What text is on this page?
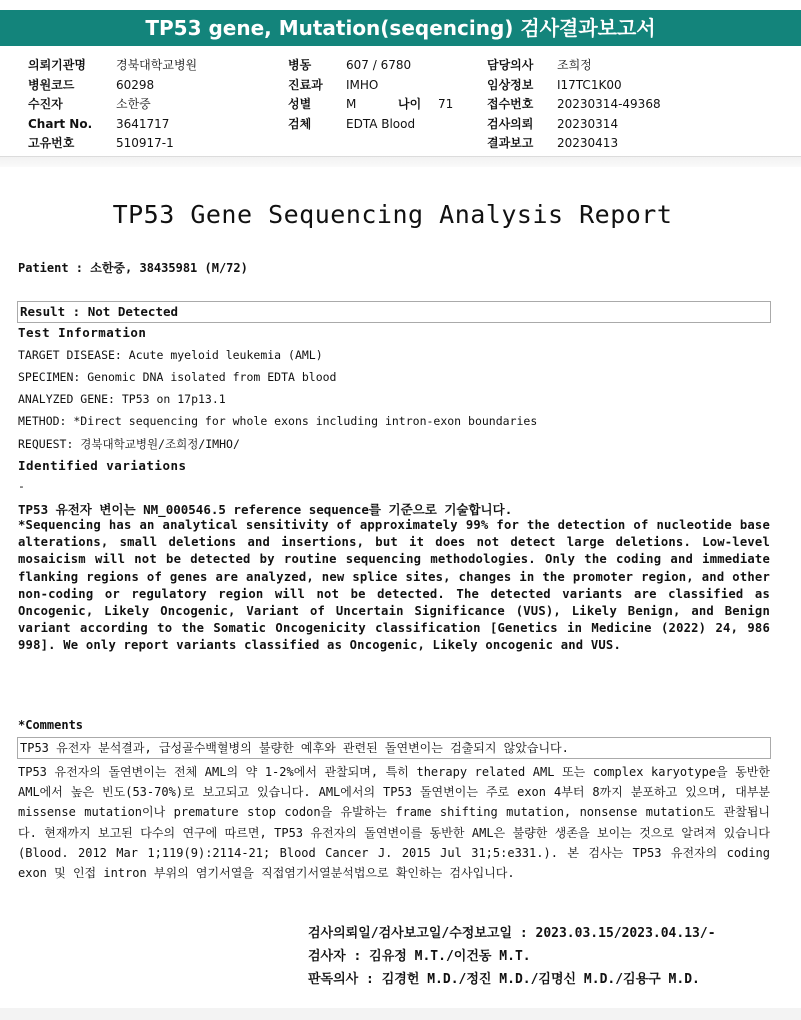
TP53 gene, Mutation(seqencing) 검사결과보고서
의뢰기관명	경북대학교병원
병원코드	60298
수진자	소한중
Chart No. 3641717
고유번호	510917-1
병동	607 / 6780
진료과 IMHO
성별	M	나이 71
검체	EDTA Blood
담당의사 조희정
임상정보 I17TC1K00
접수번호 20230314-49368
검사의뢰 20230314
결과보고 20230413
TP53 Gene Sequencing Analysis Report
Patient : 소한중, 38435981 (M/72)
Result : Not Detected
Test Information
TARGET DISEASE: Acute myeloid leukemia (AML)
SPECIMEN: Genomic DNA isolated from EDTA blood
ANALYZED GENE: TP53 on 17p13.1
METHOD: *Direct sequencing for whole exons including intron-exon boundaries
REQUEST: 경북대학교병원/조희정/IMHO/
Identified variations
-
TP53 유전자 변이는 NM_000546.5 reference sequence를 기준으로 기술합니다.
*Sequencing has an analytical sensitivity of approximately 99% for the detection of nucleotide base alterations, small deletions and insertions, but it does not detect large deletions. Low-level mosaicism will not be detected by routine sequencing methodologies. Only the coding and immediate flanking regions of genes are analyzed, new splice sites, changes in the promoter region, and other non-coding or regulatory region will not be detected. The detected variants are classified as Oncogenic, Likely Oncogenic, Variant of Uncertain Significance (VUS), Likely Benign, and Benign variant according to the Somatic Oncogenicity classification [Genetics in Medicine (2022) 24, 986 998]. We only report variants classified as Oncogenic, Likely oncogenic and VUS.
*Comments
TP53 유전자 분석결과, 급성골수백혈병의 불량한 예후와 관련된 돌연변이는 검출되지 않았습니다.
TP53 유전자의 돌연변이는 전체 AML의 약 1-2%에서 관찰되며, 특히 therapy related AML 또는 complex karyotype을 동반한 AML에서 높은 빈도(53-70%)로 보고되고 있습니다. AML에서의 TP53 돌연변이는 주로 exon 4부터 8까지 분포하고 있으며, 대부분 missense mutation이나 premature stop codon을 유발하는 frame shifting mutation, nonsense mutation도 관찰됩니다. 현재까지 보고된 다수의 연구에 따르면, TP53 유전자의 돌연변이를 동반한 AML은 불량한 생존을 보이는 것으로 알려져 있습니다 (Blood. 2012 Mar 1;119(9):2114-21; Blood Cancer J. 2015 Jul 31;5:e331.). 본 검사는 TP53 유전자의 coding exon 및 인접 intron 부위의 염기서열을 직접염기서열분석법으로 확인하는 검사입니다.
검사의뢰일/검사보고일/수정보고일 : 2023.03.15/2023.04.13/-
검사자 : 김유정 M.T./이건동 M.T.
판독의사 : 김경헌 M.D./정진 M.D./김명신 M.D./김용구 M.D.
